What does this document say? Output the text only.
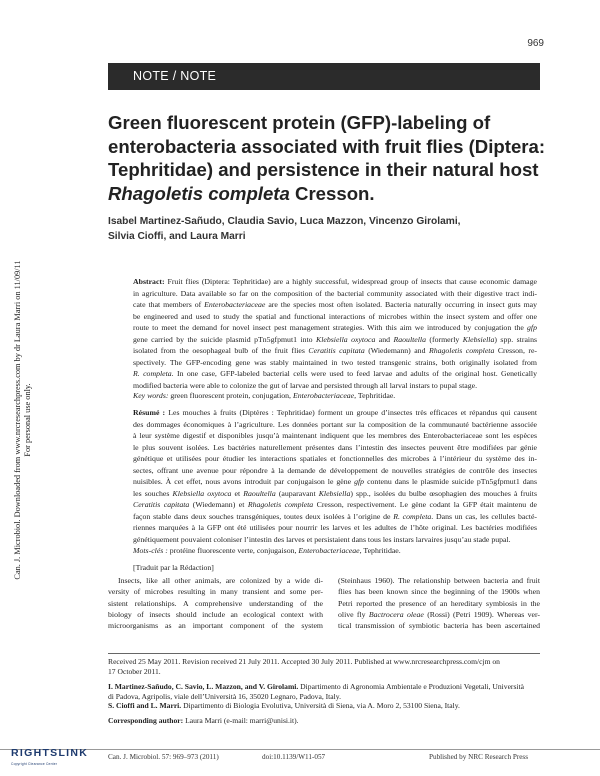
969
NOTE / NOTE
Green fluorescent protein (GFP)-labeling of
enterobacteria associated with fruit flies (Diptera:
Tephritidae) and persistence in their natural host
Rhagoletis completa Cresson.
Isabel Martinez-Sañudo, Claudia Savio, Luca Mazzon, Vincenzo Girolami,
Silvia Cioffi, and Laura Marri
Abstract: Fruit flies (Diptera: Tephritidae) are a highly successful, widespread group of insects that cause economic damage
in agriculture. Data available so far on the composition of the bacterial community associated with their digestive tract indi-
cate that members of Enterobacteriaceae are the species most often isolated. Bacteria naturally occurring in insect guts may
be engineered and used to study the spatial and functional interactions of microbes within the insect system and offer one
route to meet the demand for novel insect pest management strategies. With this aim we introduced by conjugation the gfp
gene carried by the suicide plasmid pTn5gfpmut1 into Klebsiella oxytoca and Raoultella (formerly Klebsiella) spp. strains
isolated from the oesophageal bulb of the fruit flies Ceratitis capitata (Wiedemann) and Rhagoletis completa Cresson, re-
spectively. The GFP-encoding gene was stably maintained in two tested transgenic strains, both originally isolated from
R. completa. In one case, GFP-labeled bacterial cells were used to feed larvae and adults of the original host. Genetically
modified bacteria were able to colonize the gut of larvae and persisted through all larval instars to pupal stage.
Key words: green fluorescent protein, conjugation, Enterobacteriaceae, Tephritidae.
Résumé : Les mouches à fruits (Diptères : Tephritidae) forment un groupe d’insectes très efficaces et répandus qui causent
des dommages économiques à l’agriculture. Les données portant sur la composition de la communauté bactérienne associée
à leur système digestif et disponibles jusqu’à maintenant indiquent que les membres des Enterobacteriaceae sont les espèces
le plus souvent isolées. Les bactéries naturellement présentes dans l’intestin des insectes peuvent être modifiées par génie
génétique et utilisées pour étudier les interactions spatiales et fonctionnelles des microbes à l’intérieur du système des in-
sectes, offrant une avenue pour répondre à la demande de développement de nouvelles stratégies de contrôle des insectes
nuisibles. À cet effet, nous avons introduit par conjugaison le gène gfp contenu dans le plasmide suicide pTn5gfpmut1 dans
les souches Klebsiella oxytoca et Raoultella (auparavant Klebsiella) spp., isolées du bulbe œsophagien des mouches à fruits
Ceratitis capitata (Wiedemann) et Rhagoletis completa Cresson, respectivement. Le gène codant la GFP était maintenu de
façon stable dans deux souches transgéniques, toutes deux isolées à l’origine de R. completa. Dans un cas, les cellules bacté-
riennes marquées à la GFP ont été utilisées pour nourrir les larves et les adultes de l’hôte original. Les bactéries modifiées
génétiquement pouvaient coloniser l’intestin des larves et persistaient dans tous les instars larvaires jusqu’au stade pupal.
Mots-clés : protéine fluorescente verte, conjugaison, Enterobacteriaceae, Tephritidae.
[Traduit par la Rédaction]
Insects, like all other animals, are colonized by a wide di-
versity of microbes resulting in many transient and some per-
sistent relationships. A comprehensive understanding of the
biology of insects should include an ecological context with
microorganisms as an important component of the system
(Steinhaus 1960). The relationship between bacteria and fruit
flies has been known since the beginning of the 1900s when
Petri reported the presence of an hereditary symbiosis in the
olive fly Bactrocera oleae (Rossi) (Petri 1909). Whereas ver-
tical transmission of symbiotic bacteria has been ascertained
Can. J. Microbiol. Downloaded from www.nrcresearchpress.com by dr Laura Marri on 11/09/11 For personal use only.
Received 25 May 2011. Revision received 21 July 2011. Accepted 30 July 2011. Published at www.nrcresearchpress.com/cjm on
17 October 2011.
I. Martinez-Sañudo, C. Savio, L. Mazzon, and V. Girolami. Dipartimento di Agronomia Ambientale e Produzioni Vegetali, Università
di Padova, Agripolis, viale dell’Università 16, 35020 Legnaro, Padova, Italy.
S. Cioffi and L. Marri. Dipartimento di Biologia Evolutiva, Università di Siena, via A. Moro 2, 53100 Siena, Italy.
Corresponding author: Laura Marri (e-mail: marri@unisi.it).
RIGHTSLINK
Copyright Clearance Center
Can. J. Microbiol. 57: 969–973 (2011)	doi:10.1139/W11-057	Published by NRC Research Press
